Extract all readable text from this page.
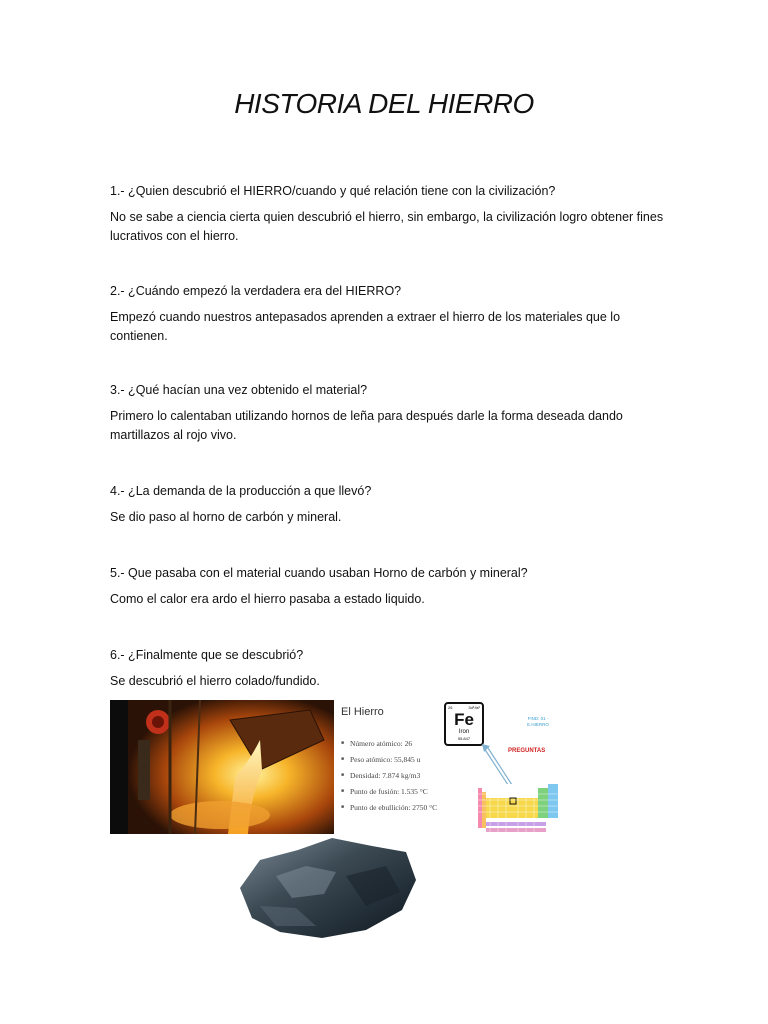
HISTORIA DEL HIERRO
1.- ¿Quien descubrió el HIERRO/cuando y qué relación tiene con la civilización?
No se sabe a ciencia cierta quien descubrió el hierro, sin embargo, la civilización logro obtener fines lucrativos con el hierro.
2.- ¿Cuándo empezó la verdadera era del HIERRO?
Empezó cuando nuestros antepasados aprenden a extraer el hierro de los materiales que lo contienen.
3.- ¿Qué hacían una vez obtenido el material?
Primero lo calentaban utilizando hornos de leña para después darle la forma deseada dando martillazos al rojo vivo.
4.- ¿La demanda de la producción a que llevó?
Se dio paso al horno de carbón y mineral.
5.- Que pasaba con el material cuando usaban Horno de carbón y mineral?
Como el calor era ardo el hierro pasaba a estado liquido.
6.- ¿Finalmente que se descubrió?
Se descubrió el hierro colado/fundido.
El Hierro
■ Número atómico: 26
■ Peso atómico: 55,845 u
■ Densidad: 7.874 kg/m3
■ Punto de fusión: 1.535 °C
■ Punto de ebullición: 2750 °C
26	3d⁶4s²
Fe
Iron
55.847
FIND: 01 - E.HIERRO
PREGUNTAS
